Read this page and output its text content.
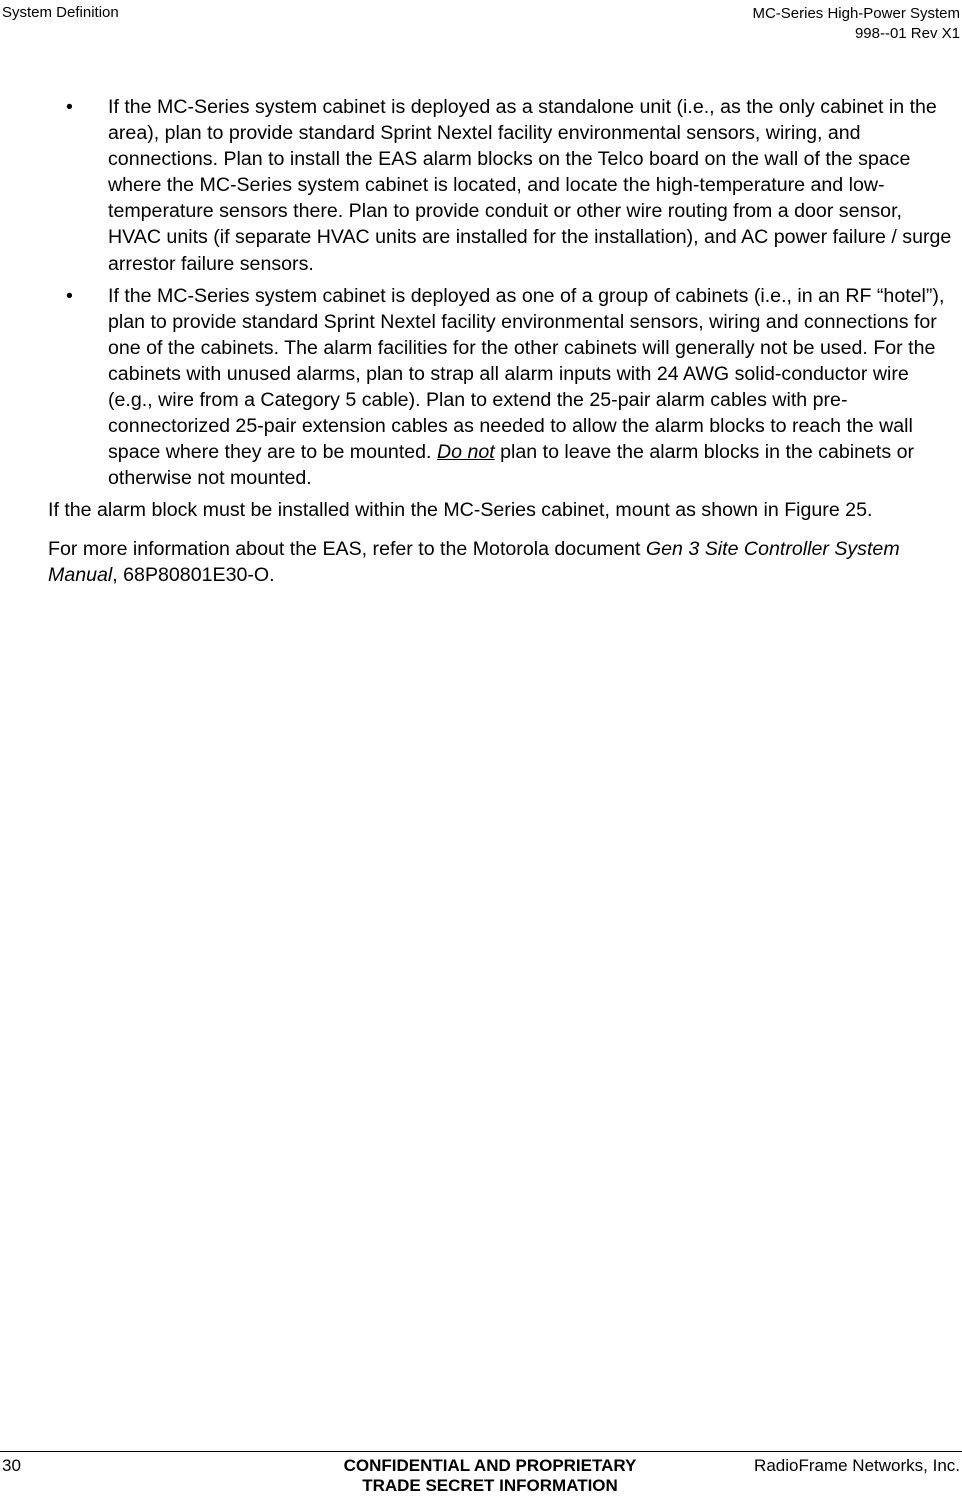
System Definition	MC-Series High-Power System
998--01 Rev X1
• If the MC-Series system cabinet is deployed as a standalone unit (i.e., as the only cabinet in the area), plan to provide standard Sprint Nextel facility environmental sensors, wiring, and connections. Plan to install the EAS alarm blocks on the Telco board on the wall of the space where the MC-Series system cabinet is located, and locate the high-temperature and low-temperature sensors there. Plan to provide conduit or other wire routing from a door sensor, HVAC units (if separate HVAC units are installed for the installation), and AC power failure / surge arrestor failure sensors.
• If the MC-Series system cabinet is deployed as one of a group of cabinets (i.e., in an RF “hotel”), plan to provide standard Sprint Nextel facility environmental sensors, wiring and connections for one of the cabinets. The alarm facilities for the other cabinets will generally not be used. For the cabinets with unused alarms, plan to strap all alarm inputs with 24 AWG solid-conductor wire (e.g., wire from a Category 5 cable). Plan to extend the 25-pair alarm cables with pre-connectorized 25-pair extension cables as needed to allow the alarm blocks to reach the wall space where they are to be mounted. Do not plan to leave the alarm blocks in the cabinets or otherwise not mounted.

If the alarm block must be installed within the MC-Series cabinet, mount as shown in Figure 25.

For more information about the EAS, refer to the Motorola document Gen 3 Site Controller System Manual, 68P80801E30-O.

30	CONFIDENTIAL AND PROPRIETARY
TRADE SECRET INFORMATION
RadioFrame Networks, Inc.
